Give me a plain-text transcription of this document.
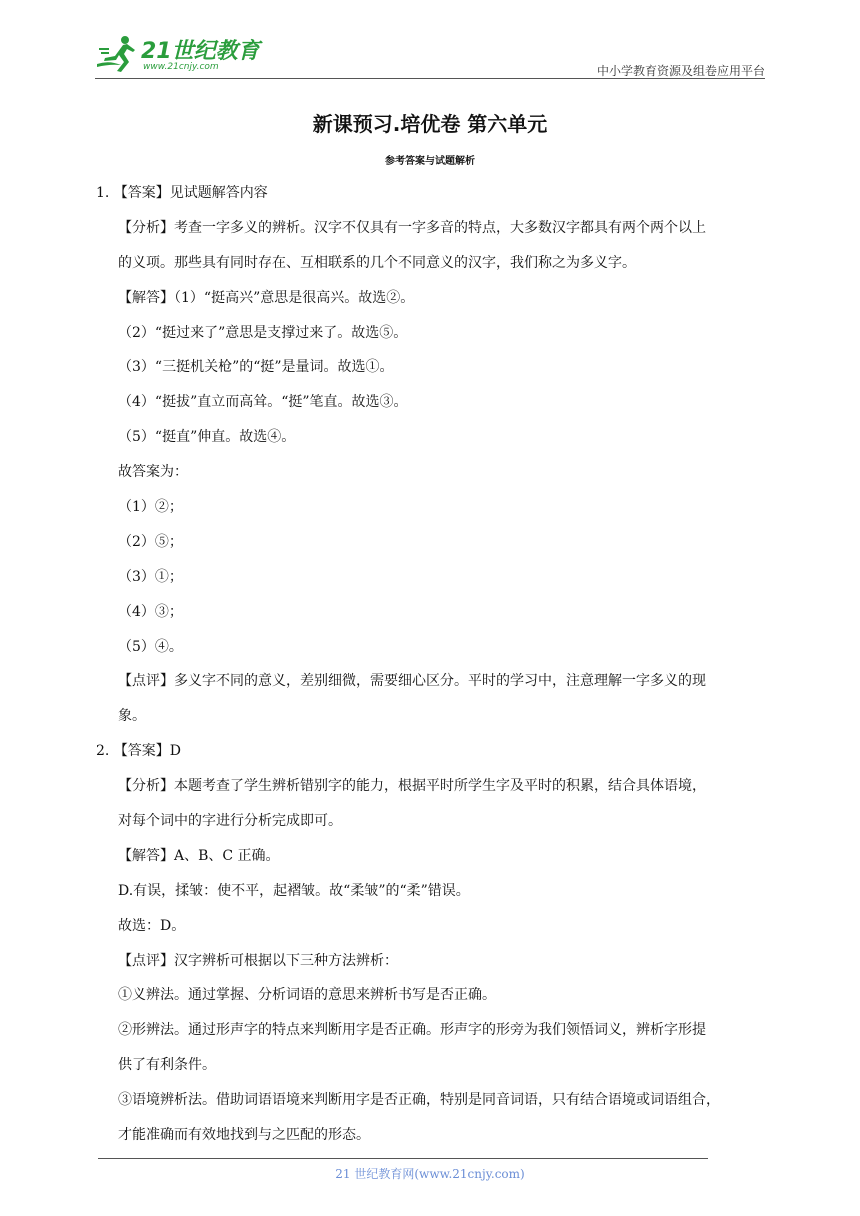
21世纪教育
www.21cnjy.com	中小学教育资源及组卷应用平台
新课预习.培优卷 第六单元
参考答案与试题解析
1. 【答案】见试题解答内容
【分析】考查一字多义的辨析。汉字不仅具有一字多音的特点，大多数汉字都具有两个两个以上
的义项。那些具有同时存在、互相联系的几个不同意义的汉字，我们称之为多义字。
【解答】（1）“挺高兴”意思是很高兴。故选②。
（2）“挺过来了”意思是支撑过来了。故选⑤。
（3）“三挺机关枪”的“挺”是量词。故选①。
（4）“挺拔”直立而高耸。“挺”笔直。故选③。
（5）“挺直”伸直。故选④。
故答案为：
（1）②；
（2）⑤；
（3）①；
（4）③；
（5）④。
【点评】多义字不同的意义，差别细微，需要细心区分。平时的学习中，注意理解一字多义的现
象。
2. 【答案】D
【分析】本题考查了学生辨析错别字的能力，根据平时所学生字及平时的积累，结合具体语境，
对每个词中的字进行分析完成即可。
【解答】A、B、C 正确。
D.有误，揉皱：使不平，起褶皱。故“柔皱”的“柔”错误。
故选：D。
【点评】汉字辨析可根据以下三种方法辨析：
①义辨法。通过掌握、分析词语的意思来辨析书写是否正确。
②形辨法。通过形声字的特点来判断用字是否正确。形声字的形旁为我们领悟词义，辨析字形提
供了有利条件。
③语境辨析法。借助词语语境来判断用字是否正确，特别是同音词语，只有结合语境或词语组合，
才能准确而有效地找到与之匹配的形态。
21 世纪教育网(www.21cnjy.com)
